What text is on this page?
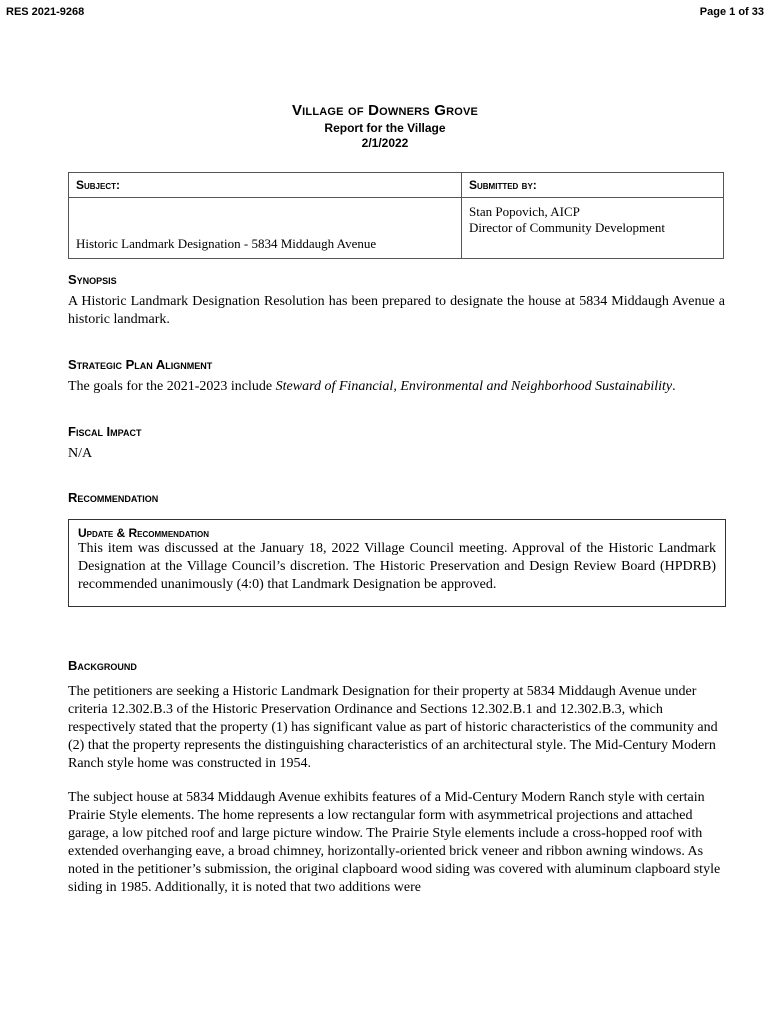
RES 2021-9268	Page 1 of 33
Village of Downers Grove
Report for the Village
2/1/2022
Subject:	Submitted by:
Historic Landmark Designation - 5834 Middaugh Avenue	Stan Popovich, AICP
Director of Community Development
Synopsis
A Historic Landmark Designation Resolution has been prepared to designate the house at 5834 Middaugh Avenue a historic landmark.
Strategic Plan Alignment
The goals for the 2021-2023 include Steward of Financial, Environmental and Neighborhood Sustainability.
Fiscal Impact
N/A
Recommendation
Update & Recommendation
This item was discussed at the January 18, 2022 Village Council meeting. Approval of the Historic Landmark Designation at the Village Council’s discretion. The Historic Preservation and Design Review Board (HPDRB) recommended unanimously (4:0) that Landmark Designation be approved.
Background
The petitioners are seeking a Historic Landmark Designation for their property at 5834 Middaugh Avenue under criteria 12.302.B.3 of the Historic Preservation Ordinance and Sections 12.302.B.1 and 12.302.B.3, which respectively stated that the property (1) has significant value as part of historic characteristics of the community and (2) that the property represents the distinguishing characteristics of an architectural style. The Mid-Century Modern Ranch style home was constructed in 1954.
The subject house at 5834 Middaugh Avenue exhibits features of a Mid-Century Modern Ranch style with certain Prairie Style elements. The home represents a low rectangular form with asymmetrical projections and attached garage, a low pitched roof and large picture window. The Prairie Style elements include a cross-hopped roof with extended overhanging eave, a broad chimney, horizontally-oriented brick veneer and ribbon awning windows. As noted in the petitioner’s submission, the original clapboard wood siding was covered with aluminum clapboard style siding in 1985. Additionally, it is noted that two additions were
